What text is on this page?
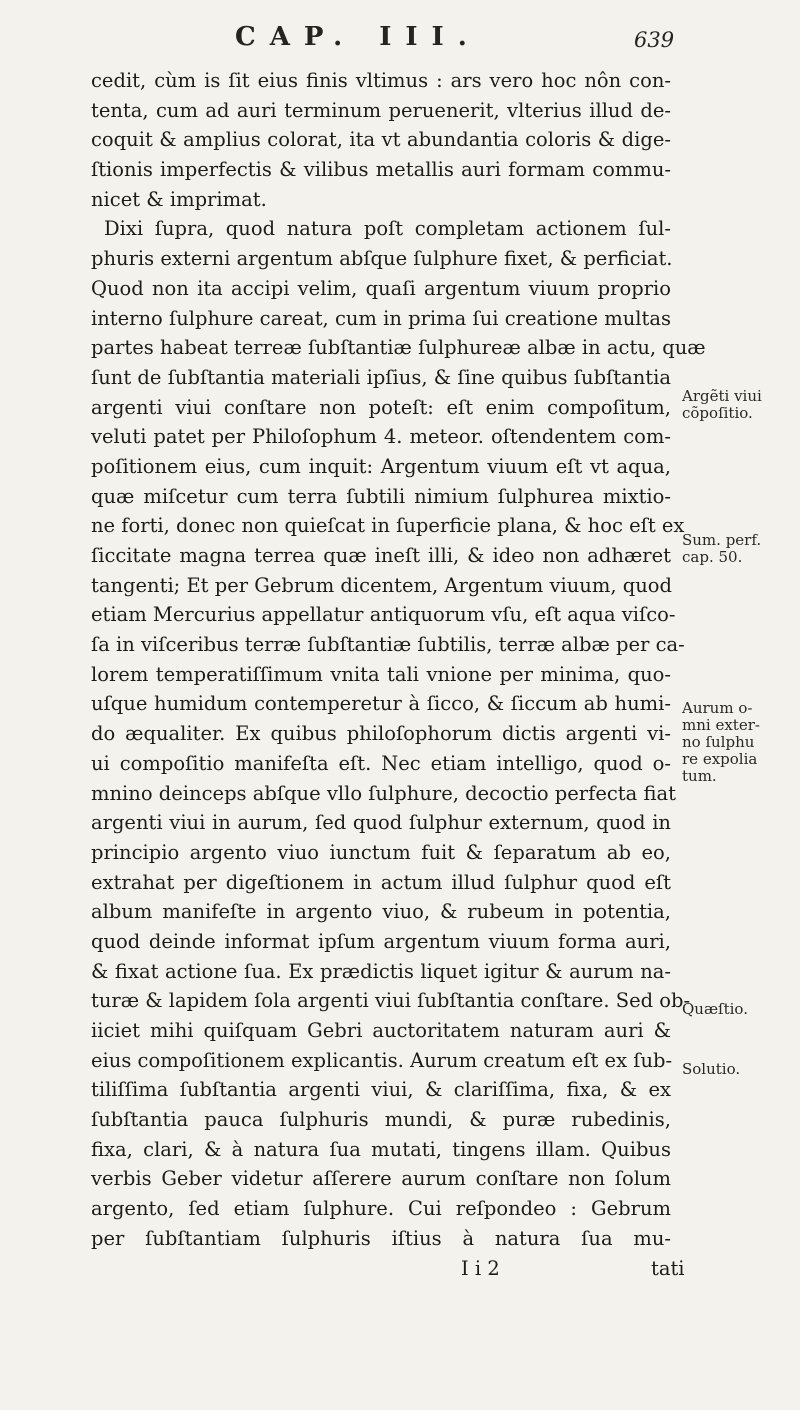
CAP. III.	639
cedit, cùm is ſit eius finis vltimus : ars vero hoc nôn con-
tenta, cum ad auri terminum peruenerit, vlterius illud de-
coquit & amplius colorat, ita vt abundantia coloris & dige-
ſtionis imperfectis & vilibus metallis auri formam commu-
nicet & imprimat.
Dixi ſupra, quod natura poſt completam actionem ſul-
phuris externi argentum abſque ſulphure fixet, & perficiat.
Quod non ita accipi velim, quaſi argentum viuum proprio
interno ſulphure careat, cum in prima ſui creatione multas
partes habeat terreæ ſubſtantiæ ſulphureæ albæ in actu, quæ
ſunt de ſubſtantia materiali ipſius, & ſine quibus ſubſtantia
argenti viui conſtare non poteſt: eſt enim compoſitum,
veluti patet per Philoſophum 4. meteor. oſtendentem com-
poſitionem eius, cum inquit: Argentum viuum eſt vt aqua,
quæ miſcetur cum terra ſubtili nimium ſulphurea mixtio-
ne forti, donec non quieſcat in ſuperficie plana, & hoc eſt ex
ſiccitate magna terrea quæ ineſt illi, & ideo non adhæret
tangenti; Et per Gebrum dicentem, Argentum viuum, quod
etiam Mercurius appellatur antiquorum vſu, eſt aqua viſco-
ſa in viſceribus terræ ſubſtantiæ ſubtilis, terræ albæ per ca-
lorem temperatiſſimum vnita tali vnione per minima, quo-
uſque humidum contemperetur à ſicco, & ſiccum ab humi-
do æqualiter. Ex quibus philoſophorum dictis argenti vi-
ui compoſitio manifeſta eſt. Nec etiam intelligo, quod o-
mnino deinceps abſque vllo ſulphure, decoctio perfecta fiat
argenti viui in aurum, ſed quod ſulphur externum, quod in
principio argento viuo iunctum fuit & ſeparatum ab eo,
extrahat per digeſtionem in actum illud ſulphur quod eſt
album manifeſte in argento viuo, & rubeum in potentia,
quod deinde informat ipſum argentum viuum forma auri,
& fixat actione ſua. Ex prædictis liquet igitur & aurum na-
turæ & lapidem ſola argenti viui ſubſtantia conſtare. Sed ob-
iiciet mihi quiſquam Gebri auctoritatem naturam auri &
eius compoſitionem explicantis. Aurum creatum eſt ex ſub-
tiliſſima ſubſtantia argenti viui, & clariſſima, fixa, & ex
ſubſtantia pauca ſulphuris mundi, & puræ rubedinis,
fixa, clari, & à natura ſua mutati, tingens illam. Quibus
verbis Geber videtur aſſerere aurum conſtare non ſolum
argento, ſed etiam ſulphure. Cui reſpondeo : Gebrum
per ſubſtantiam ſulphuris iſtius à natura ſua mu-
I i 2	tati
Argẽti viui
cõpoſitio.
Sum. perf.
cap. 50.
Aurum o-
mni exter-
no ſulphu
re expolia
tum.
Quæſtio.
Solutio.
